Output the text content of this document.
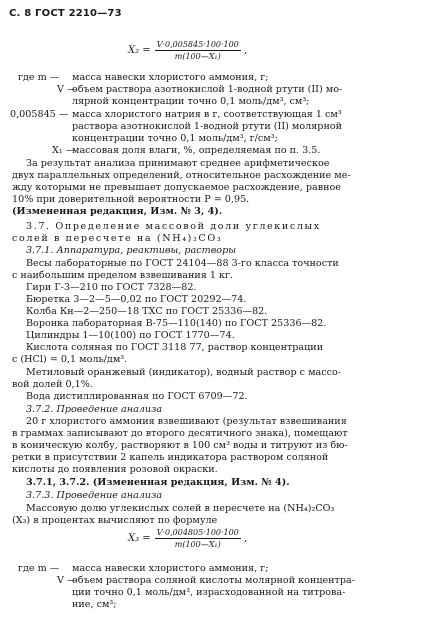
С. 8 ГОСТ 2210—73
$X_2 = \frac{V\cdot 0,005845\cdot 100\cdot 100}{\text{m(100—X₁)}}$ ,
где m — масса навески хлористого аммония, г;
V —
объем раствора азотнокислой 1-водной ртути (II) мо-
лярной концентрации точно 0,1 моль/дм³, см³;
0,005845 — масса хлористого натрия в г, соответствующая 1 см³
раствора азотнокислой 1-водной ртути (II) молярной
концентрации точно 0,1 моль/дм³, г/см³;
X₁ —
массовая доля влаги, %, определяемая по п. 3.5.
За результат анализа принимают среднее арифметическое
двух параллельных определений, относительное расхождение ме-
жду которыми не превышает допускаемое расхождение, равное
10% при доверительной вероятности P = 0,95.
(Измененная редакция, Изм. № 3, 4).
3.7. Определение массовой доли углекислых
солей в пересчете на (NH₄)₂CO₃
3.7.1. Аппаратура, реактивы, растворы
Весы лабораторные по ГОСТ 24104—88 3-го класса точности
с наибольшим пределом взвешивания 1 кг.
Гири Г-3—210 по ГОСТ 7328—82.
Бюретка 3—2—5—0,02 по ГОСТ 20292—74.
Колба Кн—2—250—18 ТХС по ГОСТ 25336—82.
Воронка лабораторная В-75—110(140) по ГОСТ 25336—82.
Цилиндры 1—10(100) по ГОСТ 1770—74.
Кислота соляная по ГОСТ 3118 77, раствор концентрации
c (HCl) = 0,1 моль/дм³.
Метиловый оранжевый (индикатор), водный раствор с массо-
вой долей 0,1%.
Вода дистиллированная по ГОСТ 6709—72.
3.7.2. Проведение анализа
20 г хлористого аммония взвешивают (результат взвешивания
в граммах записывают до второго десятичного знака), помещают
в коническую колбу, растворяют в 100 см³ воды и титруют из бю-
ретки в присутствии 2 капель индикатора раствором соляной
кислоты до появления розовой окраски.
3.7.1, 3.7.2. (Измененная редакция, Изм. № 4).
3.7.3. Проведение анализа
Массовую долю углекислых солей в пересчете на (NH₄)₂CO₃
(X₃) в процентах вычисляют по формуле
$X_3 = \frac{V\cdot 0,004805\cdot 100\cdot 100}{\text{m(100—X₁)}}$ ,
где m — масса навески хлористого аммония, г;
V —
объем раствора соляной кислоты молярной концентра-
ции точно 0,1 моль/дм³, израсходованной на титрова-
ние, см³;
